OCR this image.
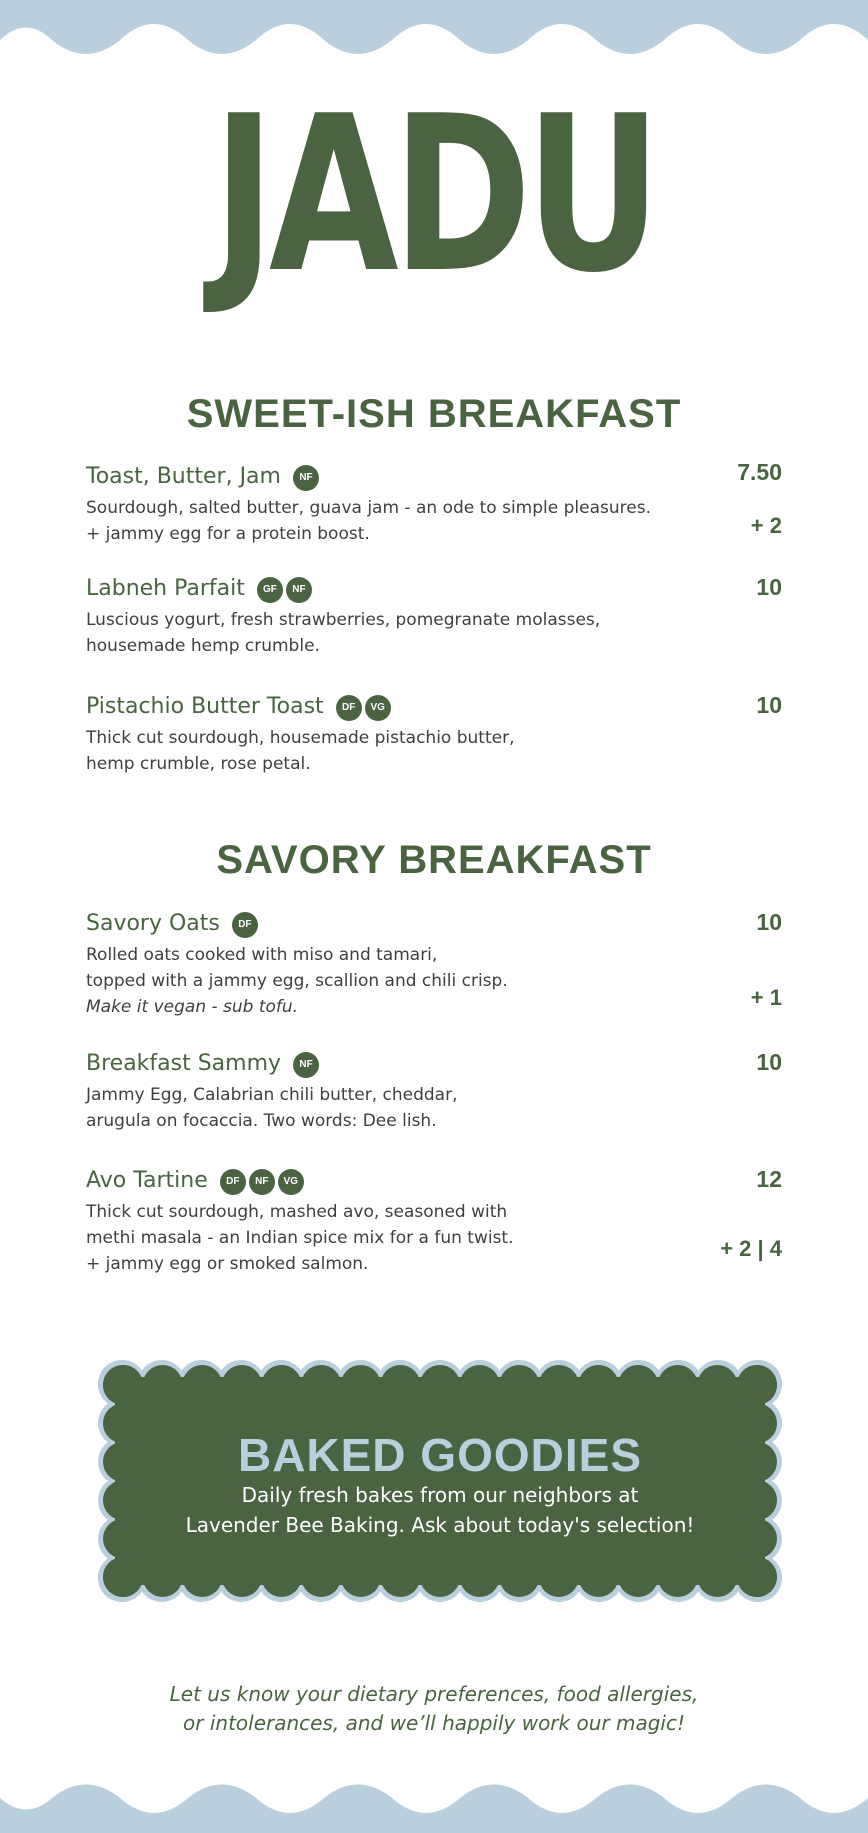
JADU
SWEET-ISH BREAKFAST
Toast, Butter, Jam NF
Sourdough, salted butter, guava jam - an ode to simple pleasures.
+ jammy egg for a protein boost.
7.50
+ 2
Labneh Parfait GF NF
Luscious yogurt, fresh strawberries, pomegranate molasses,
housemade hemp crumble.
10
Pistachio Butter Toast DF VG
Thick cut sourdough, housemade pistachio butter,
hemp crumble, rose petal.
10
SAVORY BREAKFAST
Savory Oats DF
Rolled oats cooked with miso and tamari,
topped with a jammy egg, scallion and chili crisp.
Make it vegan - sub tofu.
10
+ 1
Breakfast Sammy NF
Jammy Egg, Calabrian chili butter, cheddar,
arugula on focaccia. Two words: Dee lish.
10
Avo Tartine DF NF VG
Thick cut sourdough, mashed avo, seasoned with
methi masala - an Indian spice mix for a fun twist.
+ jammy egg or smoked salmon.
12
+ 2 | 4
BAKED GOODIES
Daily fresh bakes from our neighbors at
Lavender Bee Baking. Ask about today's selection!
Let us know your dietary preferences, food allergies,
or intolerances, and we’ll happily work our magic!
